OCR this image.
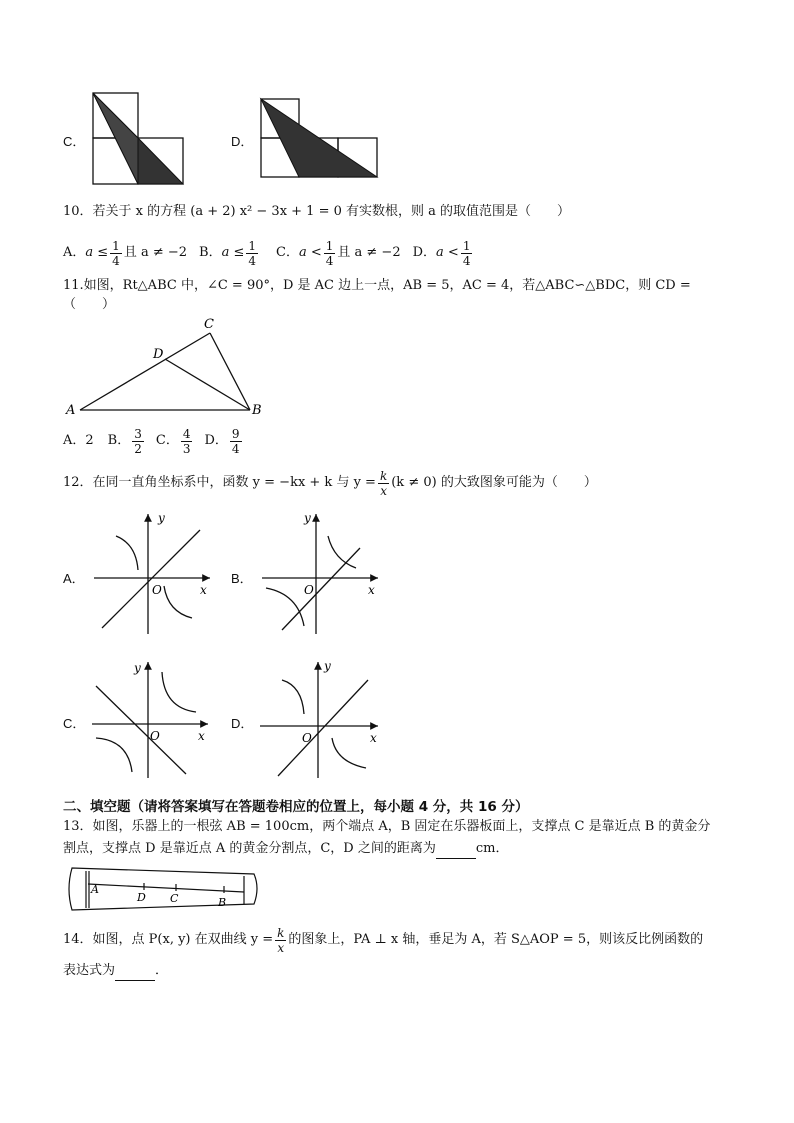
C．	D．
10．若关于 x 的方程 (a + 2) x² − 3x + 1 = 0 有实数根，则 a 的取值范围是（　　）
A． $a \le \frac{1}{4}$ 且 a ≠ −2 B． $a \le \frac{1}{4}$ C． $a < \frac{1}{4}$ 且 a ≠ −2 D． $a < \frac{1}{4}$
11.如图，Rt△ABC 中，∠C = 90°，D 是 AC 边上一点，AB = 5，AC = 4，若△ABC∽△BDC，则 CD =
（　　）
A	B
C
D
A．2 B． $\frac{3}{2}$ C． $\frac{4}{3}$ D． $\frac{9}{4}$
12．在同一直角坐标系中，函数 y = −kx + k 与 $y = \frac{k}{x} (k \ne 0)$ 的大致图象可能为（　　）
A．
y
x
O
B．
y
x
O
C．
y
x
O
D．
y
x
O
二、填空题（请将答案填写在答题卷相应的位置上，每小题 4 分，共 16 分）
13．如图，乐器上的一根弦 AB = 100cm，两个端点 A，B 固定在乐器板面上，支撑点 C 是靠近点 B 的黄金分
割点，支撑点 D 是靠近点 A 的黄金分割点，C，D 之间的距离为	cm．
A
D C	B
14．如图，点 P(x, y) 在双曲线 $y = \frac{k}{x}$ 的图象上，PA ⊥ x 轴，垂足为 A，若 S△AOP = 5，则该反比例函数的
表达式为	．
